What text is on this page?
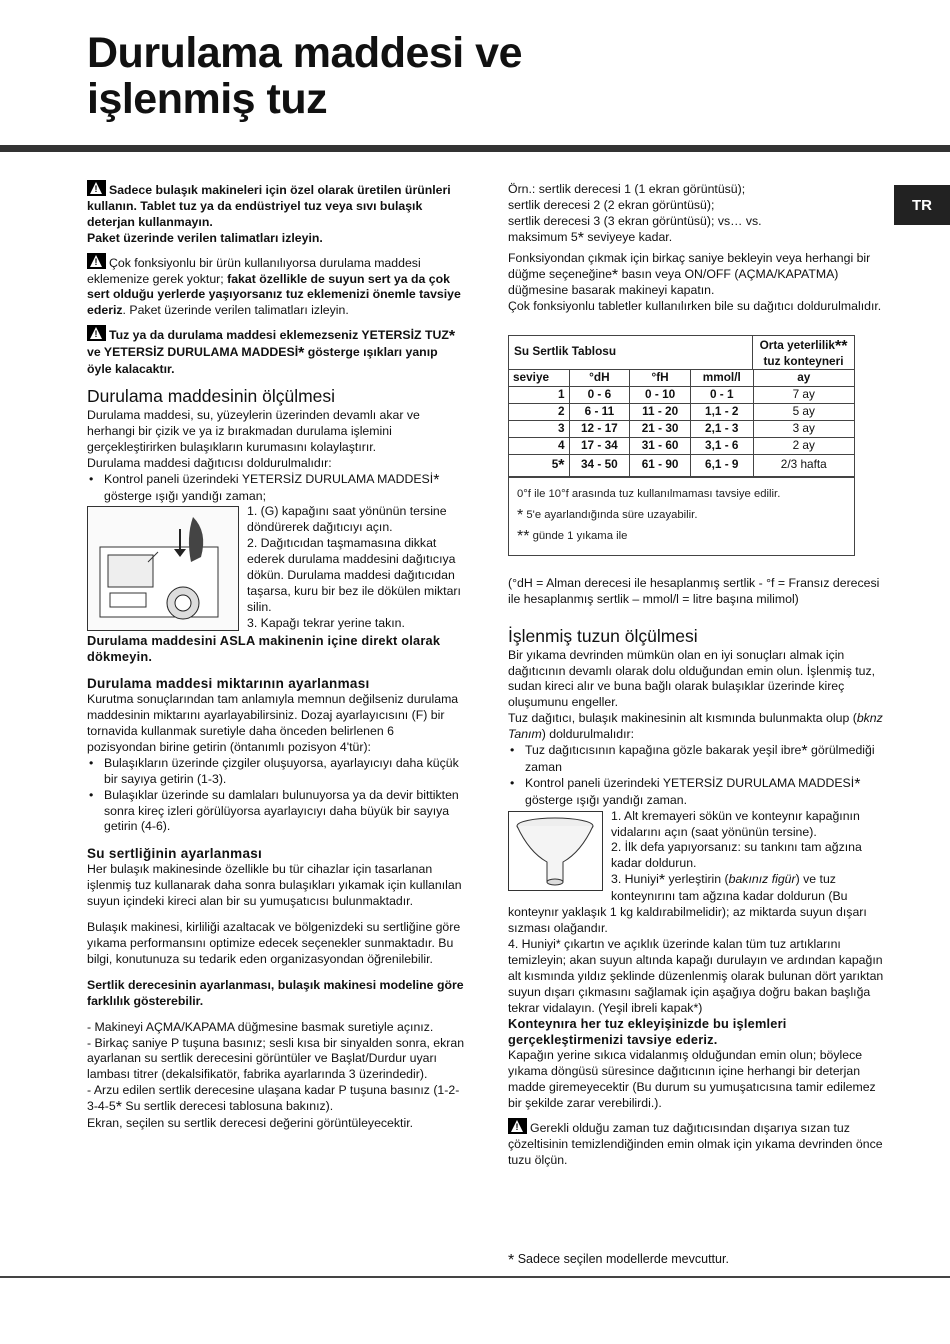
Durulama maddesi ve
işlenmiş tuz
TR

!Sadece bulaşık makineleri için özel olarak üretilen ürünleri kullanın. Tablet tuz ya da endüstriyel tuz veya sıvı bulaşık deterjan kullanmayın.
Paket üzerinde verilen talimatları izleyin.

!Çok fonksiyonlu bir ürün kullanılıyorsa durulama maddesi eklemenize gerek yoktur; fakat özellikle de suyun sert ya da çok sert olduğu yerlerde yaşıyorsanız tuz eklemenizi önemle tavsiye ederiz. Paket üzerinde verilen talimatları izleyin.

!Tuz ya da durulama maddesi eklemezseniz YETERSİZ TUZ* ve YETERSİZ DURULAMA MADDESİ* gösterge ışıkları yanıp öyle kalacaktır.

Durulama maddesinin ölçülmesi

Durulama maddesi, su, yüzeylerin üzerinden devamlı akar ve herhangi bir çizik ve ya iz bırakmadan durulama işlemini gerçekleştirirken bulaşıkların kurumasını kolaylaştırır.

Durulama maddesi dağıtıcısı doldurulmalıdır:

• Kontrol paneli üzerindeki YETERSİZ DURULAMA MADDESİ* gösterge ışığı yandığı zaman;

1. (G) kapağını saat yönünün tersine döndürerek dağıtıcıyı açın.

2. Dağıtıcıdan taşmamasına dikkat ederek durulama maddesini dağıtıcıya dökün. Durulama maddesi dağıtıcıdan taşarsa, kuru bir bez ile dökülen miktarı silin.

3. Kapağı tekrar yerine takın.

Durulama maddesini ASLA makinenin içine direkt olarak dökmeyin.

Durulama maddesi miktarının ayarlanması

Kurutma sonuçlarından tam anlamıyla memnun değilseniz durulama maddesinin miktarını ayarlayabilirsiniz. Dozaj ayarlayıcısını (F) bir tornavida kullanmak suretiyle daha önceden belirlenen 6 pozisyondan birine getirin (öntanımlı pozisyon 4'tür):

• Bulaşıkların üzerinde çizgiler oluşuyorsa, ayarlayıcıyı daha küçük bir sayıya getirin (1-3).
• Bulaşıklar üzerinde su damlaları bulunuyorsa ya da devir bittikten sonra kireç izleri görülüyorsa ayarlayıcıyı daha büyük bir sayıya getirin (4-6).
Su sertliğinin ayarlanması

Her bulaşık makinesinde özellikle bu tür cihazlar için tasarlanan işlenmiş tuz kullanarak daha sonra bulaşıkları yıkamak için kullanılan suyun içindeki kireci alan bir su yumuşatıcısı bulunmaktadır.

Bulaşık makinesi, kirliliği azaltacak ve bölgenizdeki su sertliğine göre yıkama performansını optimize edecek seçenekler sunmaktadır. Bu bilgi, konutunuza su tedarik eden organizasyondan öğrenilebilir.

Sertlik derecesinin ayarlanması, bulaşık makinesi modeline göre farklılık gösterebilir.

- Makineyi AÇMA/KAPAMA düğmesine basmak suretiyle açınız.

- Birkaç saniye P tuşuna basınız; sesli kısa bir sinyalden sonra, ekran ayarlanan su sertlik derecesini görüntüler ve Başlat/Durdur uyarı lambası titrer (dekalsifikatör, fabrika ayarlarında 3 üzerindedir).

- Arzu edilen sertlik derecesine ulaşana kadar P tuşuna basınız (1-2-3-4-5* Su sertlik derecesi tablosuna bakınız).

Ekran, seçilen su sertlik derecesi değerini görüntüleyecektir.

Örn.: sertlik derecesi 1 (1 ekran görüntüsü);

sertlik derecesi 2 (2 ekran görüntüsü);

sertlik derecesi 3 (3 ekran görüntüsü); vs… vs.

maksimum 5* seviyeye kadar.

Fonksiyondan çıkmak için birkaç saniye bekleyin veya herhangi bir düğme seçeneğine* basın veya ON/OFF (AÇMA/KAPATMA) düğmesine basarak makineyi kapatın.

Çok fonksiyonlu tabletler kullanılırken bile su dağıtıcı doldurulmalıdır.

Su Sertlik Tablosu	Orta yeterlilik**
tuz konteyneri
seviye	°dH	°fH	mmol/l	ay
1	0 - 6	0 - 10	0 - 1	7 ay
2	6 - 11	11 - 20	1,1 - 2	5 ay
3	12 - 17	21 - 30	2,1 - 3	3 ay
4	17 - 34	31 - 60	3,1 - 6	2 ay
5*	34 - 50	61 - 90	6,1 - 9	2/3 hafta
0°f ile 10°f arasında tuz kullanılmaması tavsiye edilir.
* 5'e ayarlandığında süre uzayabilir.
** günde 1 yıkama ile

(°dH = Alman derecesi ile hesaplanmış sertlik - °f = Fransız derecesi ile hesaplanmış sertlik – mmol/l = litre başına milimol)

İşlenmiş tuzun ölçülmesi

Bir yıkama devrinden mümkün olan en iyi sonuçları almak için dağıtıcının devamlı olarak dolu olduğundan emin olun. İşlenmiş tuz, sudan kireci alır ve buna bağlı olarak bulaşıklar üzerinde kireç oluşumunu engeller.

Tuz dağıtıcı, bulaşık makinesinin alt kısmında bulunmakta olup (bknz Tanım) doldurulmalıdır:

• Tuz dağıtıcısının kapağına gözle bakarak yeşil ibre* görülmediği zaman
• Kontrol paneli üzerindeki YETERSİZ DURULAMA MADDESİ* gösterge ışığı yandığı zaman.

1. Alt kremayeri sökün ve konteynır kapağının vidalarını açın (saat yönünün tersine).

2. İlk defa yapıyorsanız: su tankını tam ağzına kadar doldurun.

3. Huniyi* yerleştirin (bakınız figür) ve tuz konteynırını tam ağzına kadar doldurun (Bu konteynır yaklaşık 1 kg kaldırabilmelidir); az miktarda suyun dışarı sızması olağandır.

4. Huniyi* çıkartın ve açıklık üzerinde kalan tüm tuz artıklarını temizleyin; akan suyun altında kapağı durulayın ve ardından kapağın alt kısmında yıldız şeklinde düzenlenmiş olarak bulunan dört yarıktan suyun dışarı çıkmasını sağlamak için aşağıya doğru bakan başlığa tekrar vidalayın. (Yeşil ibreli kapak*)

Konteynıra her tuz ekleyişinizde bu işlemleri gerçekleştirmenizi tavsiye ederiz.

Kapağın yerine sıkıca vidalanmış olduğundan emin olun; böylece yıkama döngüsü süresince dağıtıcının içine herhangi bir deterjan madde giremeyecektir (Bu durum su yumuşatıcısına tamir edilemez bir şekilde zarar verebilirdi.).

!Gerekli olduğu zaman tuz dağıtıcısından dışarıya sızan tuz çözeltisinin temizlendiğinden emin olmak için yıkama devrinden önce tuzu ölçün.

* Sadece seçilen modellerde mevcuttur.
